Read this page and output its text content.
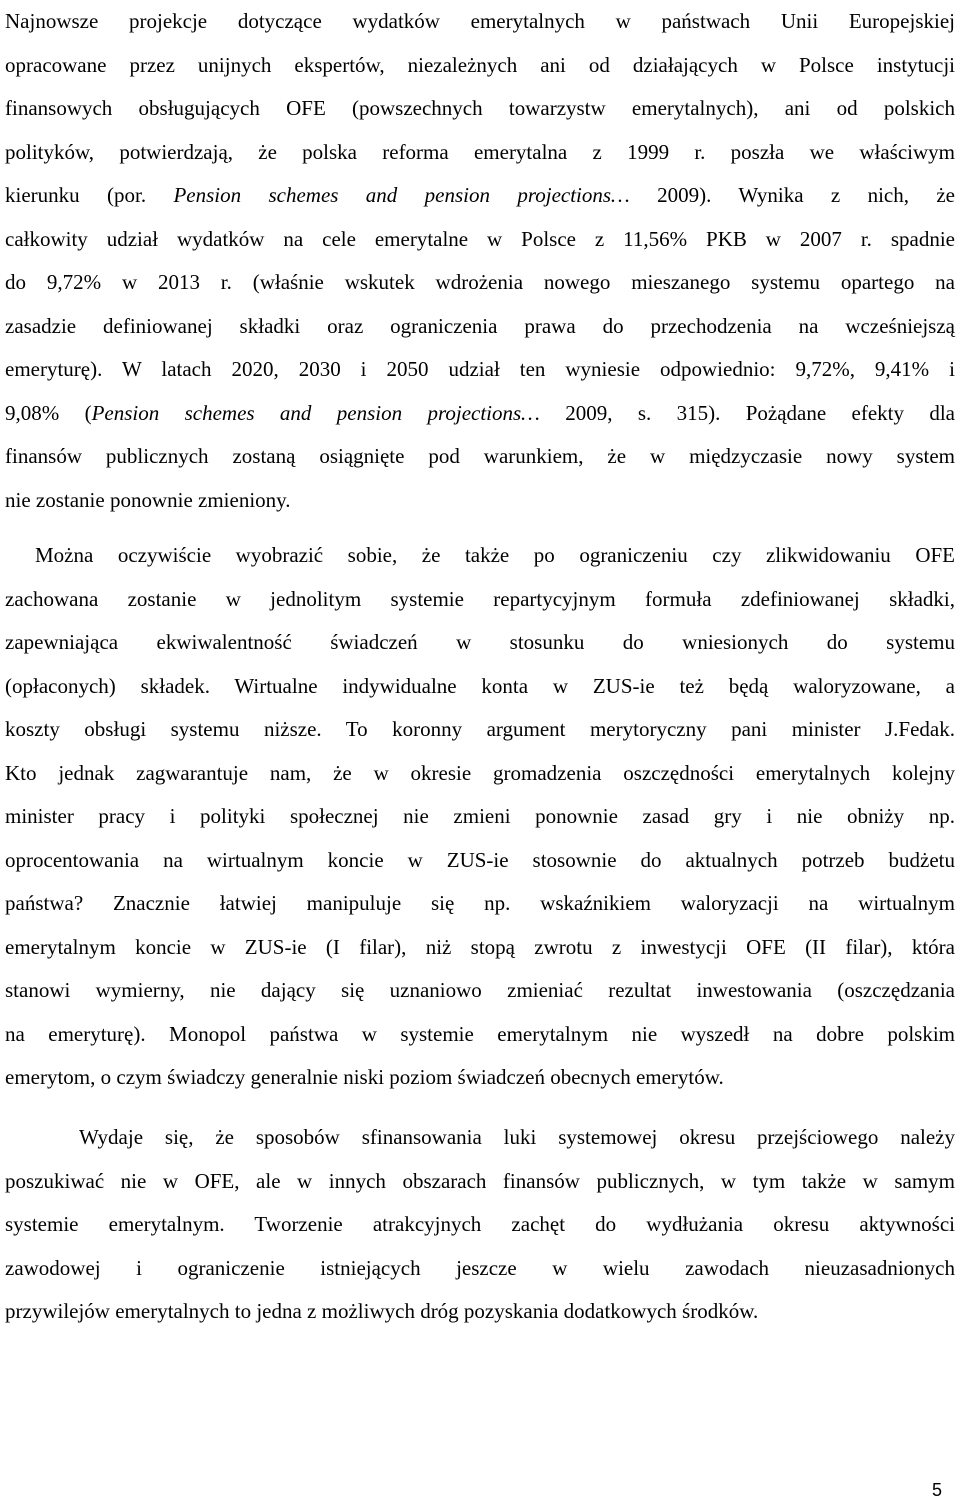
Najnowsze projekcje dotyczące wydatków emerytalnych w państwach Unii Europejskiej
opracowane przez unijnych ekspertów, niezależnych ani od działających w Polsce instytucji
finansowych obsługujących OFE (powszechnych towarzystw emerytalnych), ani od polskich
polityków, potwierdzają, że polska reforma emerytalna z 1999 r. poszła we właściwym
kierunku (por. Pension schemes and pension projections… 2009). Wynika z nich, że
całkowity udział wydatków na cele emerytalne w Polsce z 11,56% PKB w 2007 r. spadnie
do 9,72% w 2013 r. (właśnie wskutek wdrożenia nowego mieszanego systemu opartego na
zasadzie definiowanej składki oraz ograniczenia prawa do przechodzenia na wcześniejszą
emeryturę). W latach 2020, 2030 i 2050 udział ten wyniesie odpowiednio: 9,72%, 9,41% i
9,08% (Pension schemes and pension projections… 2009, s. 315). Pożądane efekty dla
finansów publicznych zostaną osiągnięte pod warunkiem, że w międzyczasie nowy system
nie zostanie ponownie zmieniony.
Można oczywiście wyobrazić sobie, że także po ograniczeniu czy zlikwidowaniu OFE
zachowana zostanie w jednolitym systemie repartycyjnym formuła zdefiniowanej składki,
zapewniająca ekwiwalentność świadczeń w stosunku do wniesionych do systemu
(opłaconych) składek. Wirtualne indywidualne konta w ZUS-ie też będą waloryzowane, a
koszty obsługi systemu niższe. To koronny argument merytoryczny pani minister J.Fedak.
Kto jednak zagwarantuje nam, że w okresie gromadzenia oszczędności emerytalnych kolejny
minister pracy i polityki społecznej nie zmieni ponownie zasad gry i nie obniży np.
oprocentowania na wirtualnym koncie w ZUS-ie stosownie do aktualnych potrzeb budżetu
państwa? Znacznie łatwiej manipuluje się np. wskaźnikiem waloryzacji na wirtualnym
emerytalnym koncie w ZUS-ie (I filar), niż stopą zwrotu z inwestycji OFE (II filar), która
stanowi wymierny, nie dający się uznaniowo zmieniać rezultat inwestowania (oszczędzania
na emeryturę). Monopol państwa w systemie emerytalnym nie wyszedł na dobre polskim
emerytom, o czym świadczy generalnie niski poziom świadczeń obecnych emerytów.
Wydaje się, że sposobów sfinansowania luki systemowej okresu przejściowego należy
poszukiwać nie w OFE, ale w innych obszarach finansów publicznych, w tym także w samym
systemie emerytalnym. Tworzenie atrakcyjnych zachęt do wydłużania okresu aktywności
zawodowej i ograniczenie istniejących jeszcze w wielu zawodach nieuzasadnionych
przywilejów emerytalnych to jedna z możliwych dróg pozyskania dodatkowych środków.
5
